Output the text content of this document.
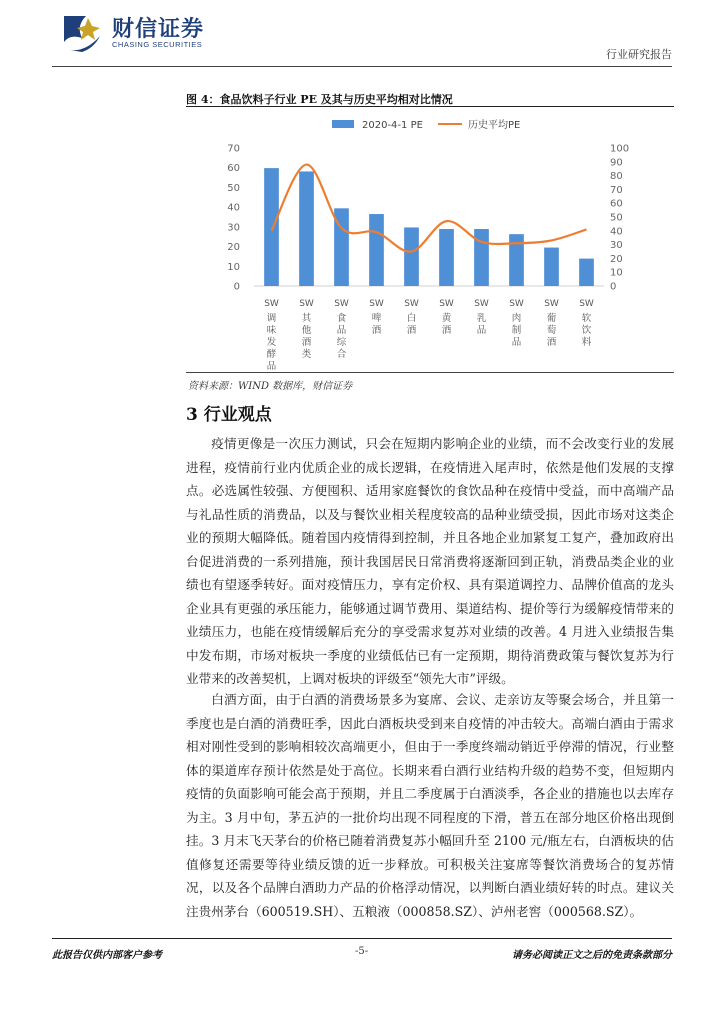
财信证券
CHASING SECURITIES
行业研究报告
图 4：食品饮料子行业 PE 及其与历史平均相对比情况
2020-4-1 PE	历史平均PE
0
10
20
30
40
50
60
70
0
10
20
30
40
50
60
70
80
90
100
SW 调味发酵品
SW 其他酒类
SW 食品综合
SW 啤酒
SW 白酒
SW 黄酒
SW 乳品
SW 肉制品
SW 葡萄酒
SW 软饮料
资料来源：WIND 数据库，财信证券
3 行业观点

疫情更像是一次压力测试，只会在短期内影响企业的业绩，而不会改变行业的发展进程，疫情前行业内优质企业的成长逻辑，在疫情进入尾声时，依然是他们发展的支撑点。必选属性较强、方便囤积、适用家庭餐饮的食饮品种在疫情中受益，而中高端产品与礼品性质的消费品，以及与餐饮业相关程度较高的品种业绩受损，因此市场对这类企业的预期大幅降低。随着国内疫情得到控制，并且各地企业加紧复工复产，叠加政府出台促进消费的一系列措施，预计我国居民日常消费将逐渐回到正轨，消费品类企业的业绩也有望逐季转好。面对疫情压力，享有定价权、具有渠道调控力、品牌价值高的龙头企业具有更强的承压能力，能够通过调节费用、渠道结构、提价等行为缓解疫情带来的业绩压力，也能在疫情缓解后充分的享受需求复苏对业绩的改善。4 月进入业绩报告集中发布期，市场对板块一季度的业绩低估已有一定预期，期待消费政策与餐饮复苏为行业带来的改善契机，上调对板块的评级至“领先大市”评级。

白酒方面，由于白酒的消费场景多为宴席、会议、走亲访友等聚会场合，并且第一季度也是白酒的消费旺季，因此白酒板块受到来自疫情的冲击较大。高端白酒由于需求相对刚性受到的影响相较次高端更小，但由于一季度终端动销近乎停滞的情况，行业整体的渠道库存预计依然是处于高位。长期来看白酒行业结构升级的趋势不变，但短期内疫情的负面影响可能会高于预期，并且二季度属于白酒淡季，各企业的措施也以去库存为主。3 月中旬，茅五泸的一批价均出现不同程度的下滑，普五在部分地区价格出现倒挂。3 月末飞天茅台的价格已随着消费复苏小幅回升至 2100 元/瓶左右，白酒板块的估值修复还需要等待业绩反馈的近一步释放。可积极关注宴席等餐饮消费场合的复苏情况，以及各个品牌白酒助力产品的价格浮动情况，以判断白酒业绩好转的时点。建议关注贵州茅台（600519.SH）、五粮液（000858.SZ）、泸州老窖（000568.SZ）。

此报告仅供内部客户参考	-5-	请务必阅读正文之后的免责条款部分
